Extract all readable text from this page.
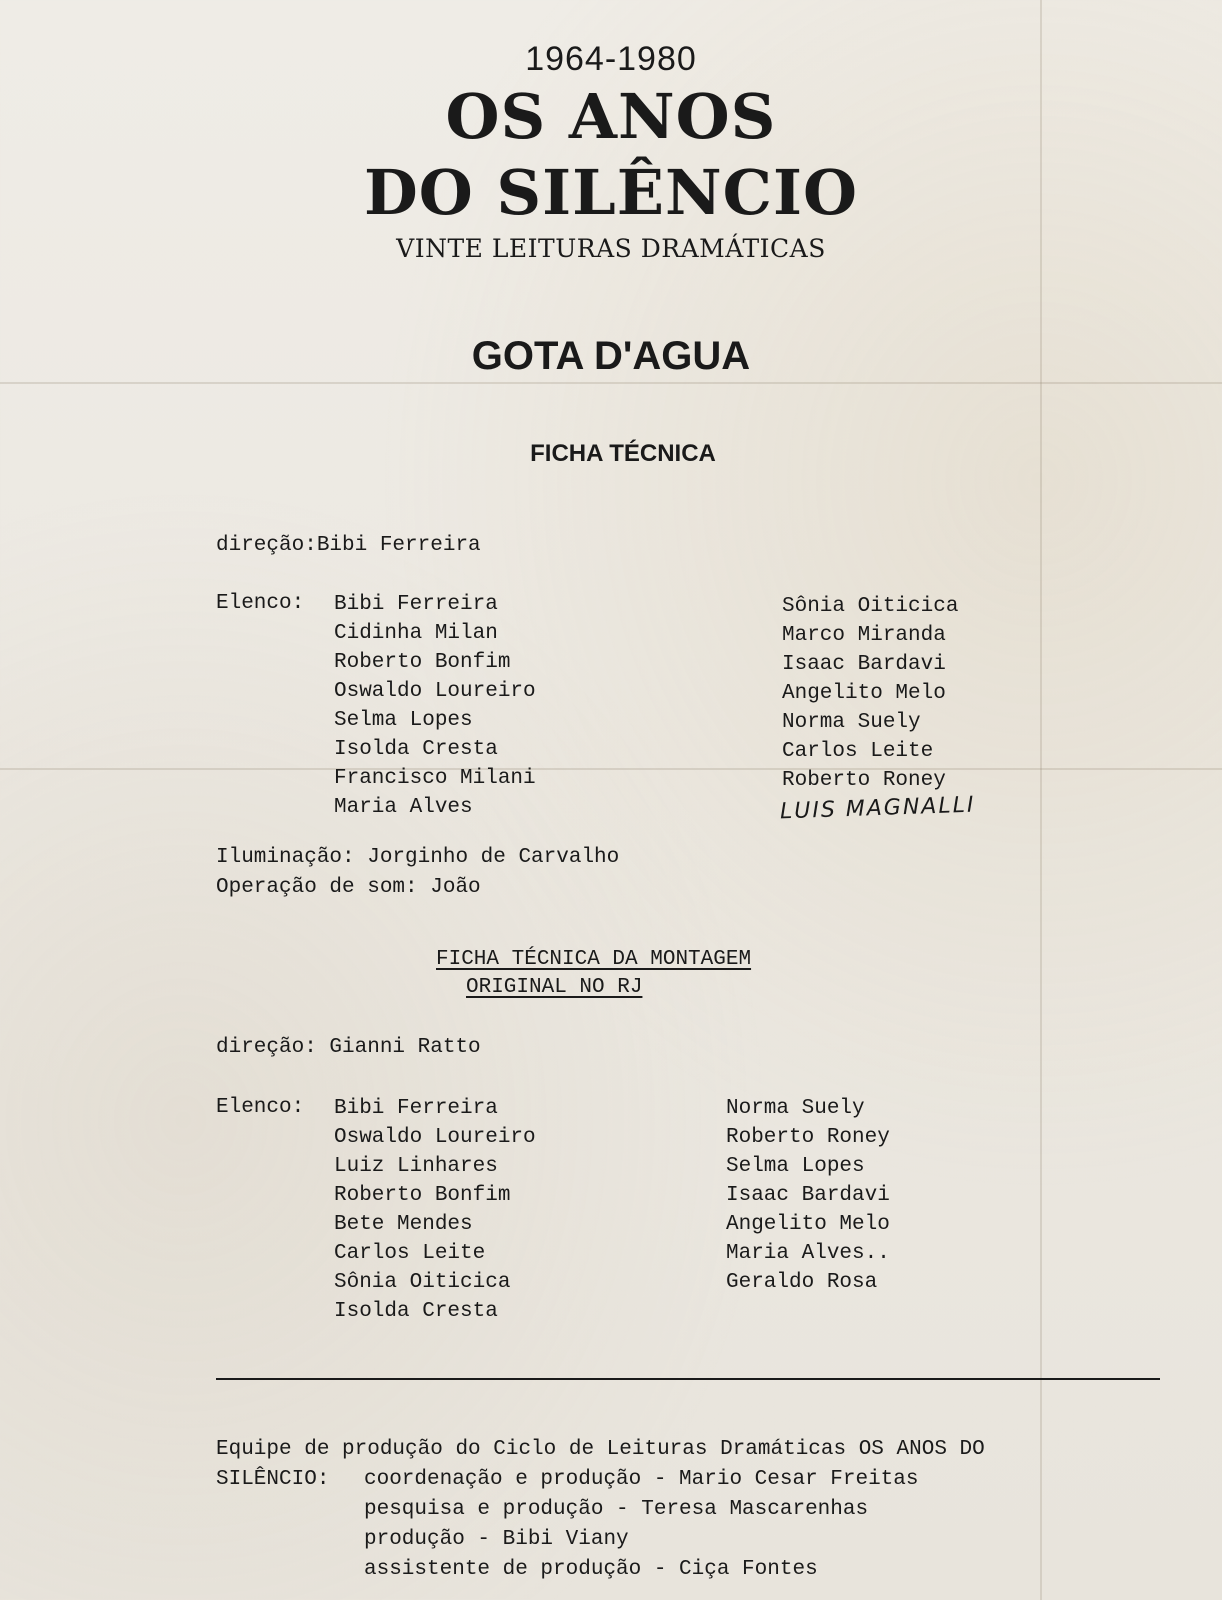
1964-1980
OS ANOS
DO SILÊNCIO
VINTE LEITURAS DRAMÁTICAS
GOTA D'AGUA
FICHA TÉCNICA
direção:Bibi Ferreira
Elenco: Bibi Ferreira
Cidinha Milan
Roberto Bonfim
Oswaldo Loureiro
Selma Lopes
Isolda Cresta
Francisco Milani
Maria Alves
Sônia Oiticica
Marco Miranda
Isaac Bardavi
Angelito Melo
Norma Suely
Carlos Leite
Roberto Roney
LUIS MAGNALLI
Iluminação: Jorginho de Carvalho
Operação de som: João
FICHA TÉCNICA DA MONTAGEM
ORIGINAL NO RJ
direção: Gianni Ratto
Elenco: Bibi Ferreira
Oswaldo Loureiro
Luiz Linhares
Roberto Bonfim
Bete Mendes
Carlos Leite
Sônia Oiticica
Isolda Cresta
Norma Suely
Roberto Roney
Selma Lopes
Isaac Bardavi
Angelito Melo
Maria Alves..
Geraldo Rosa
Equipe de produção do Ciclo de Leituras Dramáticas OS ANOS DO
SILÊNCIO: coordenação e produção - Mario Cesar Freitas
pesquisa e produção - Teresa Mascarenhas
produção - Bibi Viany
assistente de produção - Ciça Fontes
